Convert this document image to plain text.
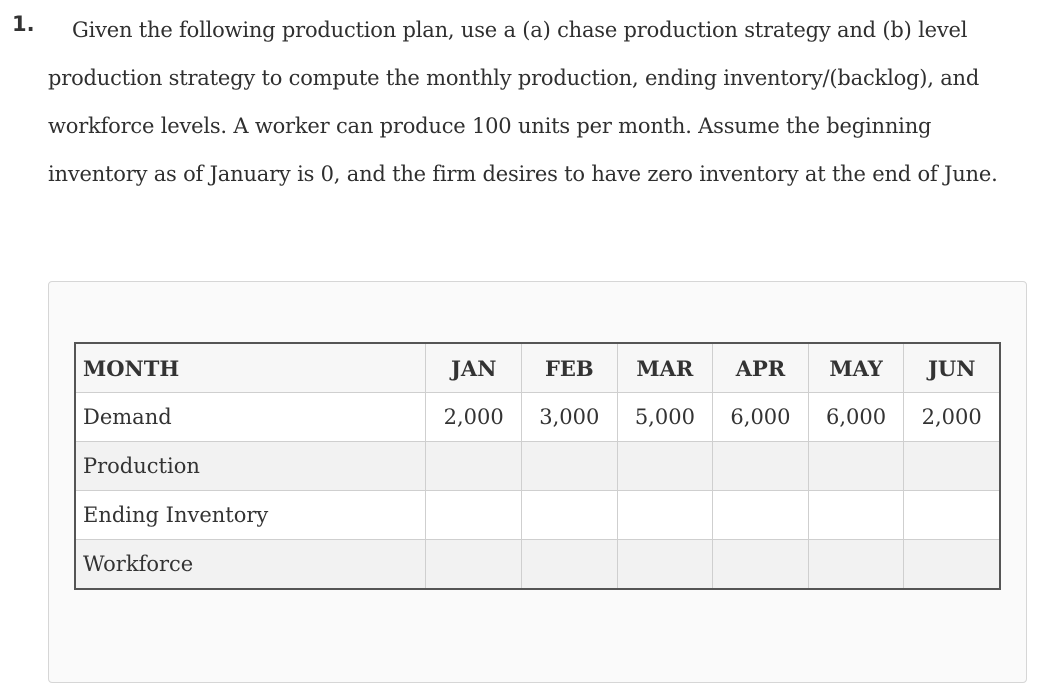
1.	Given the following production plan, use a (a) chase production strategy and (b) level production strategy to compute the monthly production, ending inventory/(backlog), and workforce levels. A worker can produce 100 units per month. Assume the beginning inventory as of January is 0, and the firm desires to have zero inventory at the end of June.
MONTH	JAN	FEB	MAR	APR	MAY	JUN
Demand	2,000	3,000	5,000	6,000	6,000	2,000
Production						
Ending Inventory						
Workforce						
